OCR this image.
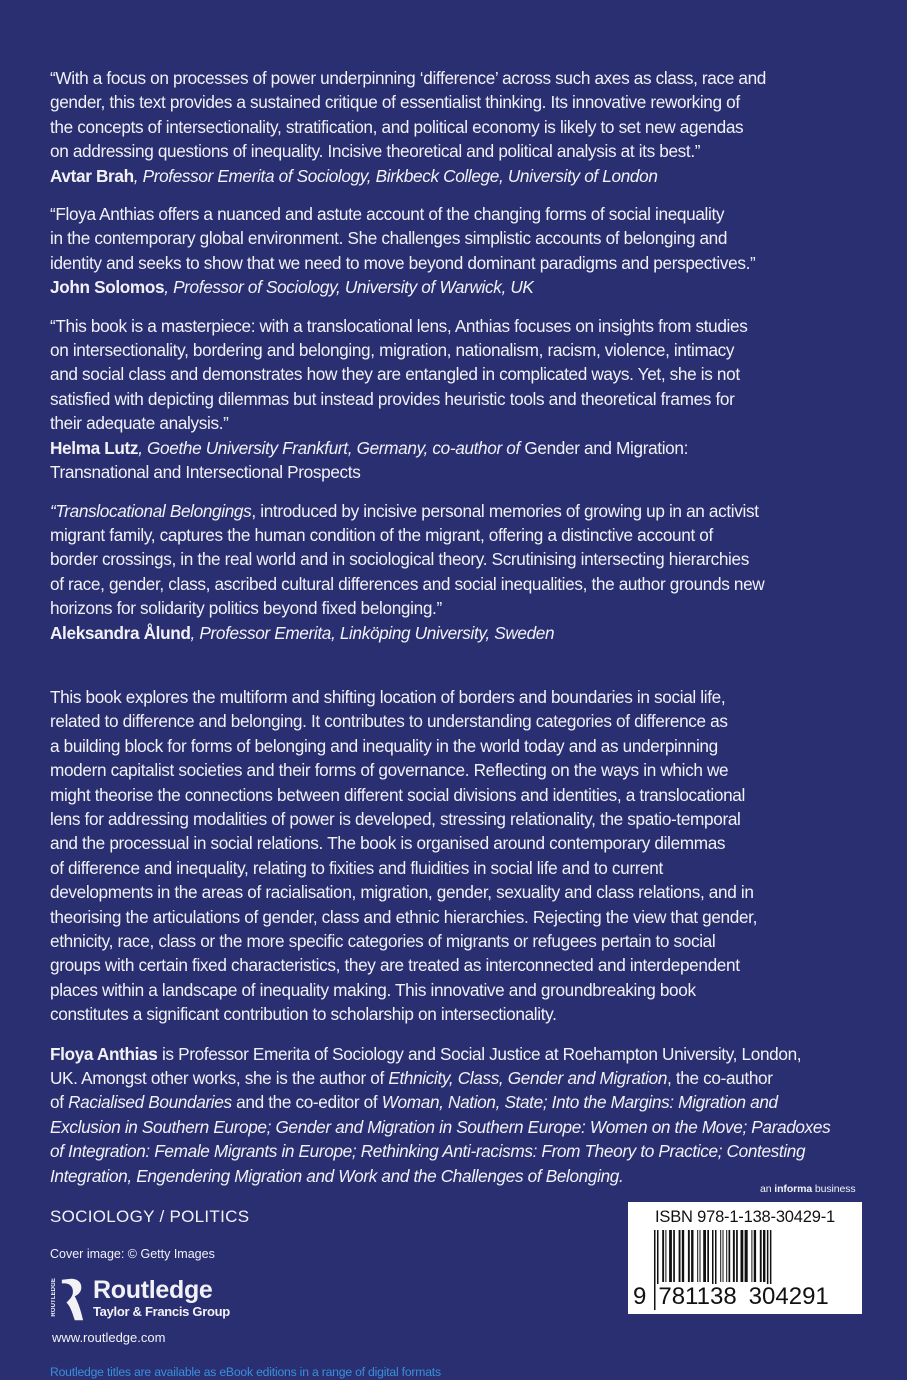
“With a focus on processes of power underpinning ‘difference’ across such axes as class, race and

gender, this text provides a sustained critique of essentialist thinking. Its innovative reworking of

the concepts of intersectionality, stratification, and political economy is likely to set new agendas

on addressing questions of inequality. Incisive theoretical and political analysis at its best.”

Avtar Brah, Professor Emerita of Sociology, Birkbeck College, University of London

“Floya Anthias offers a nuanced and astute account of the changing forms of social inequality

in the contemporary global environment. She challenges simplistic accounts of belonging and

identity and seeks to show that we need to move beyond dominant paradigms and perspectives.”

John Solomos, Professor of Sociology, University of Warwick, UK

“This book is a masterpiece: with a translocational lens, Anthias focuses on insights from studies

on intersectionality, bordering and belonging, migration, nationalism, racism, violence, intimacy

and social class and demonstrates how they are entangled in complicated ways. Yet, she is not

satisfied with depicting dilemmas but instead provides heuristic tools and theoretical frames for

their adequate analysis.”

Helma Lutz, Goethe University Frankfurt, Germany, co-author of Gender and Migration:

Transnational and Intersectional Prospects

“Translocational Belongings, introduced by incisive personal memories of growing up in an activist

migrant family, captures the human condition of the migrant, offering a distinctive account of

border crossings, in the real world and in sociological theory. Scrutinising intersecting hierarchies

of race, gender, class, ascribed cultural differences and social inequalities, the author grounds new

horizons for solidarity politics beyond fixed belonging.”

Aleksandra Ålund, Professor Emerita, Linköping University, Sweden

This book explores the multiform and shifting location of borders and boundaries in social life,

related to difference and belonging. It contributes to understanding categories of difference as

a building block for forms of belonging and inequality in the world today and as underpinning

modern capitalist societies and their forms of governance. Reflecting on the ways in which we

might theorise the connections between different social divisions and identities, a translocational

lens for addressing modalities of power is developed, stressing relationality, the spatio-temporal

and the processual in social relations. The book is organised around contemporary dilemmas

of difference and inequality, relating to fixities and fluidities in social life and to current

developments in the areas of racialisation, migration, gender, sexuality and class relations, and in

theorising the articulations of gender, class and ethnic hierarchies. Rejecting the view that gender,

ethnicity, race, class or the more specific categories of migrants or refugees pertain to social

groups with certain fixed characteristics, they are treated as interconnected and interdependent

places within a landscape of inequality making. This innovative and groundbreaking book

constitutes a significant contribution to scholarship on intersectionality.

Floya Anthias is Professor Emerita of Sociology and Social Justice at Roehampton University, London,

UK. Amongst other works, she is the author of Ethnicity, Class, Gender and Migration, the co-author

of Racialised Boundaries and the co-editor of Woman, Nation, State; Into the Margins: Migration and

Exclusion in Southern Europe; Gender and Migration in Southern Europe: Women on the Move; Paradoxes

of Integration: Female Migrants in Europe; Rethinking Anti-racisms: From Theory to Practice; Contesting

Integration, Engendering Migration and Work and the Challenges of Belonging.

SOCIOLOGY / POLITICS
Cover image: © Getty Images
ROUTLEDGE Routledge
Taylor & Francis Group
www.routledge.com
Routledge titles are available as eBook editions in a range of digital formats
an informa business
ISBN 978-1-138-30429-1
9 781138 304291
